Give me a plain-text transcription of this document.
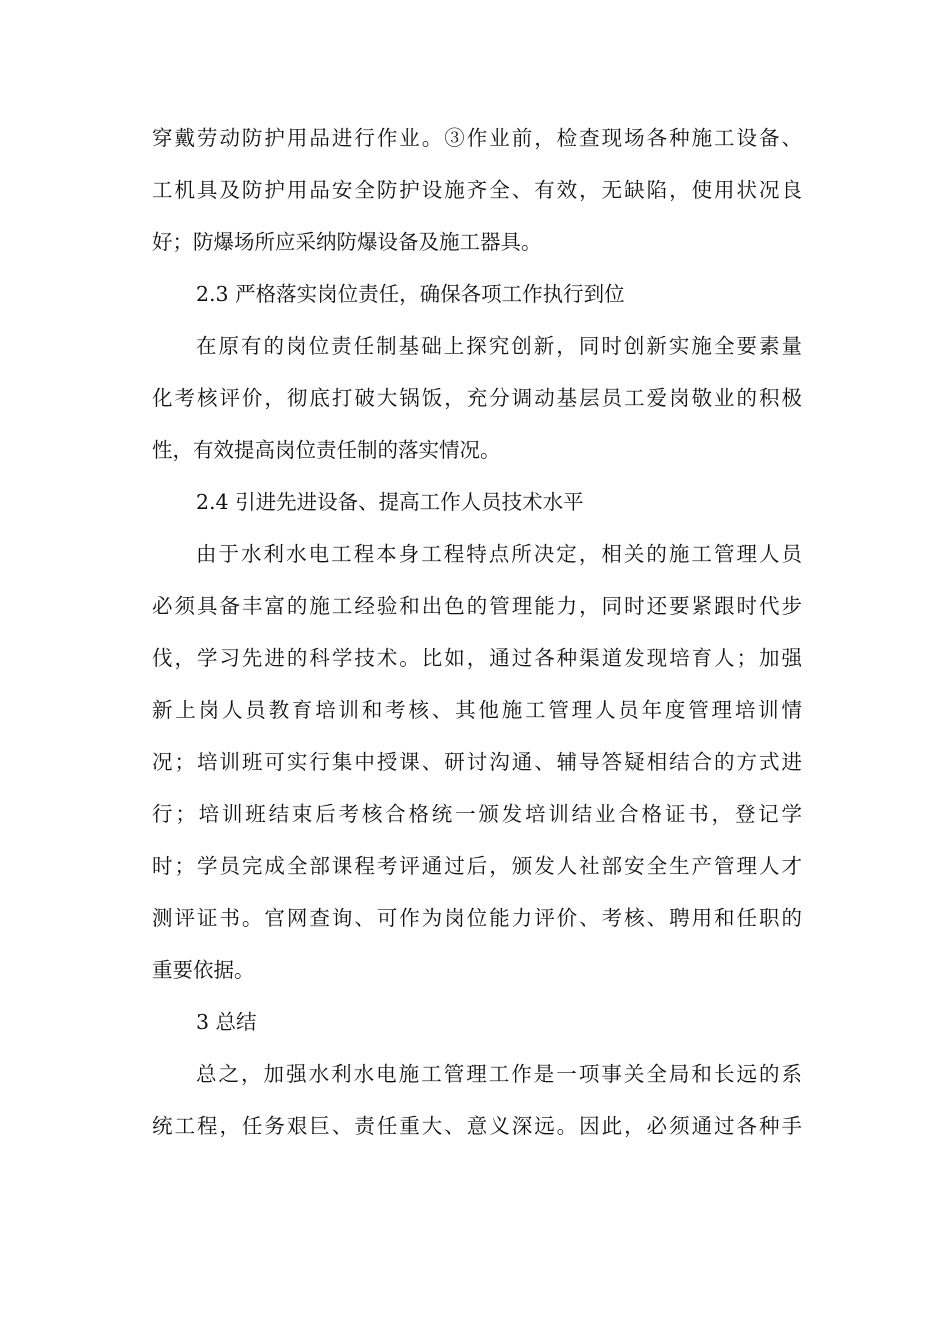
穿戴劳动防护用品进行作业。③作业前，检查现场各种施工设备、
工机具及防护用品安全防护设施齐全、有效，无缺陷，使用状况良
好；防爆场所应采纳防爆设备及施工器具。
2.3 严格落实岗位责任，确保各项工作执行到位
在原有的岗位责任制基础上探究创新，同时创新实施全要素量
化考核评价，彻底打破大锅饭，充分调动基层员工爱岗敬业的积极
性，有效提高岗位责任制的落实情况。
2.4 引进先进设备、提高工作人员技术水平
由于水利水电工程本身工程特点所决定，相关的施工管理人员
必须具备丰富的施工经验和出色的管理能力，同时还要紧跟时代步
伐，学习先进的科学技术。比如，通过各种渠道发现培育人；加强
新上岗人员教育培训和考核、其他施工管理人员年度管理培训情
况；培训班可实行集中授课、研讨沟通、辅导答疑相结合的方式进
行；培训班结束后考核合格统一颁发培训结业合格证书，登记学
时；学员完成全部课程考评通过后，颁发人社部安全生产管理人才
测评证书。官网查询、可作为岗位能力评价、考核、聘用和任职的
重要依据。
3 总结
总之，加强水利水电施工管理工作是一项事关全局和长远的系
统工程，任务艰巨、责任重大、意义深远。因此，必须通过各种手
